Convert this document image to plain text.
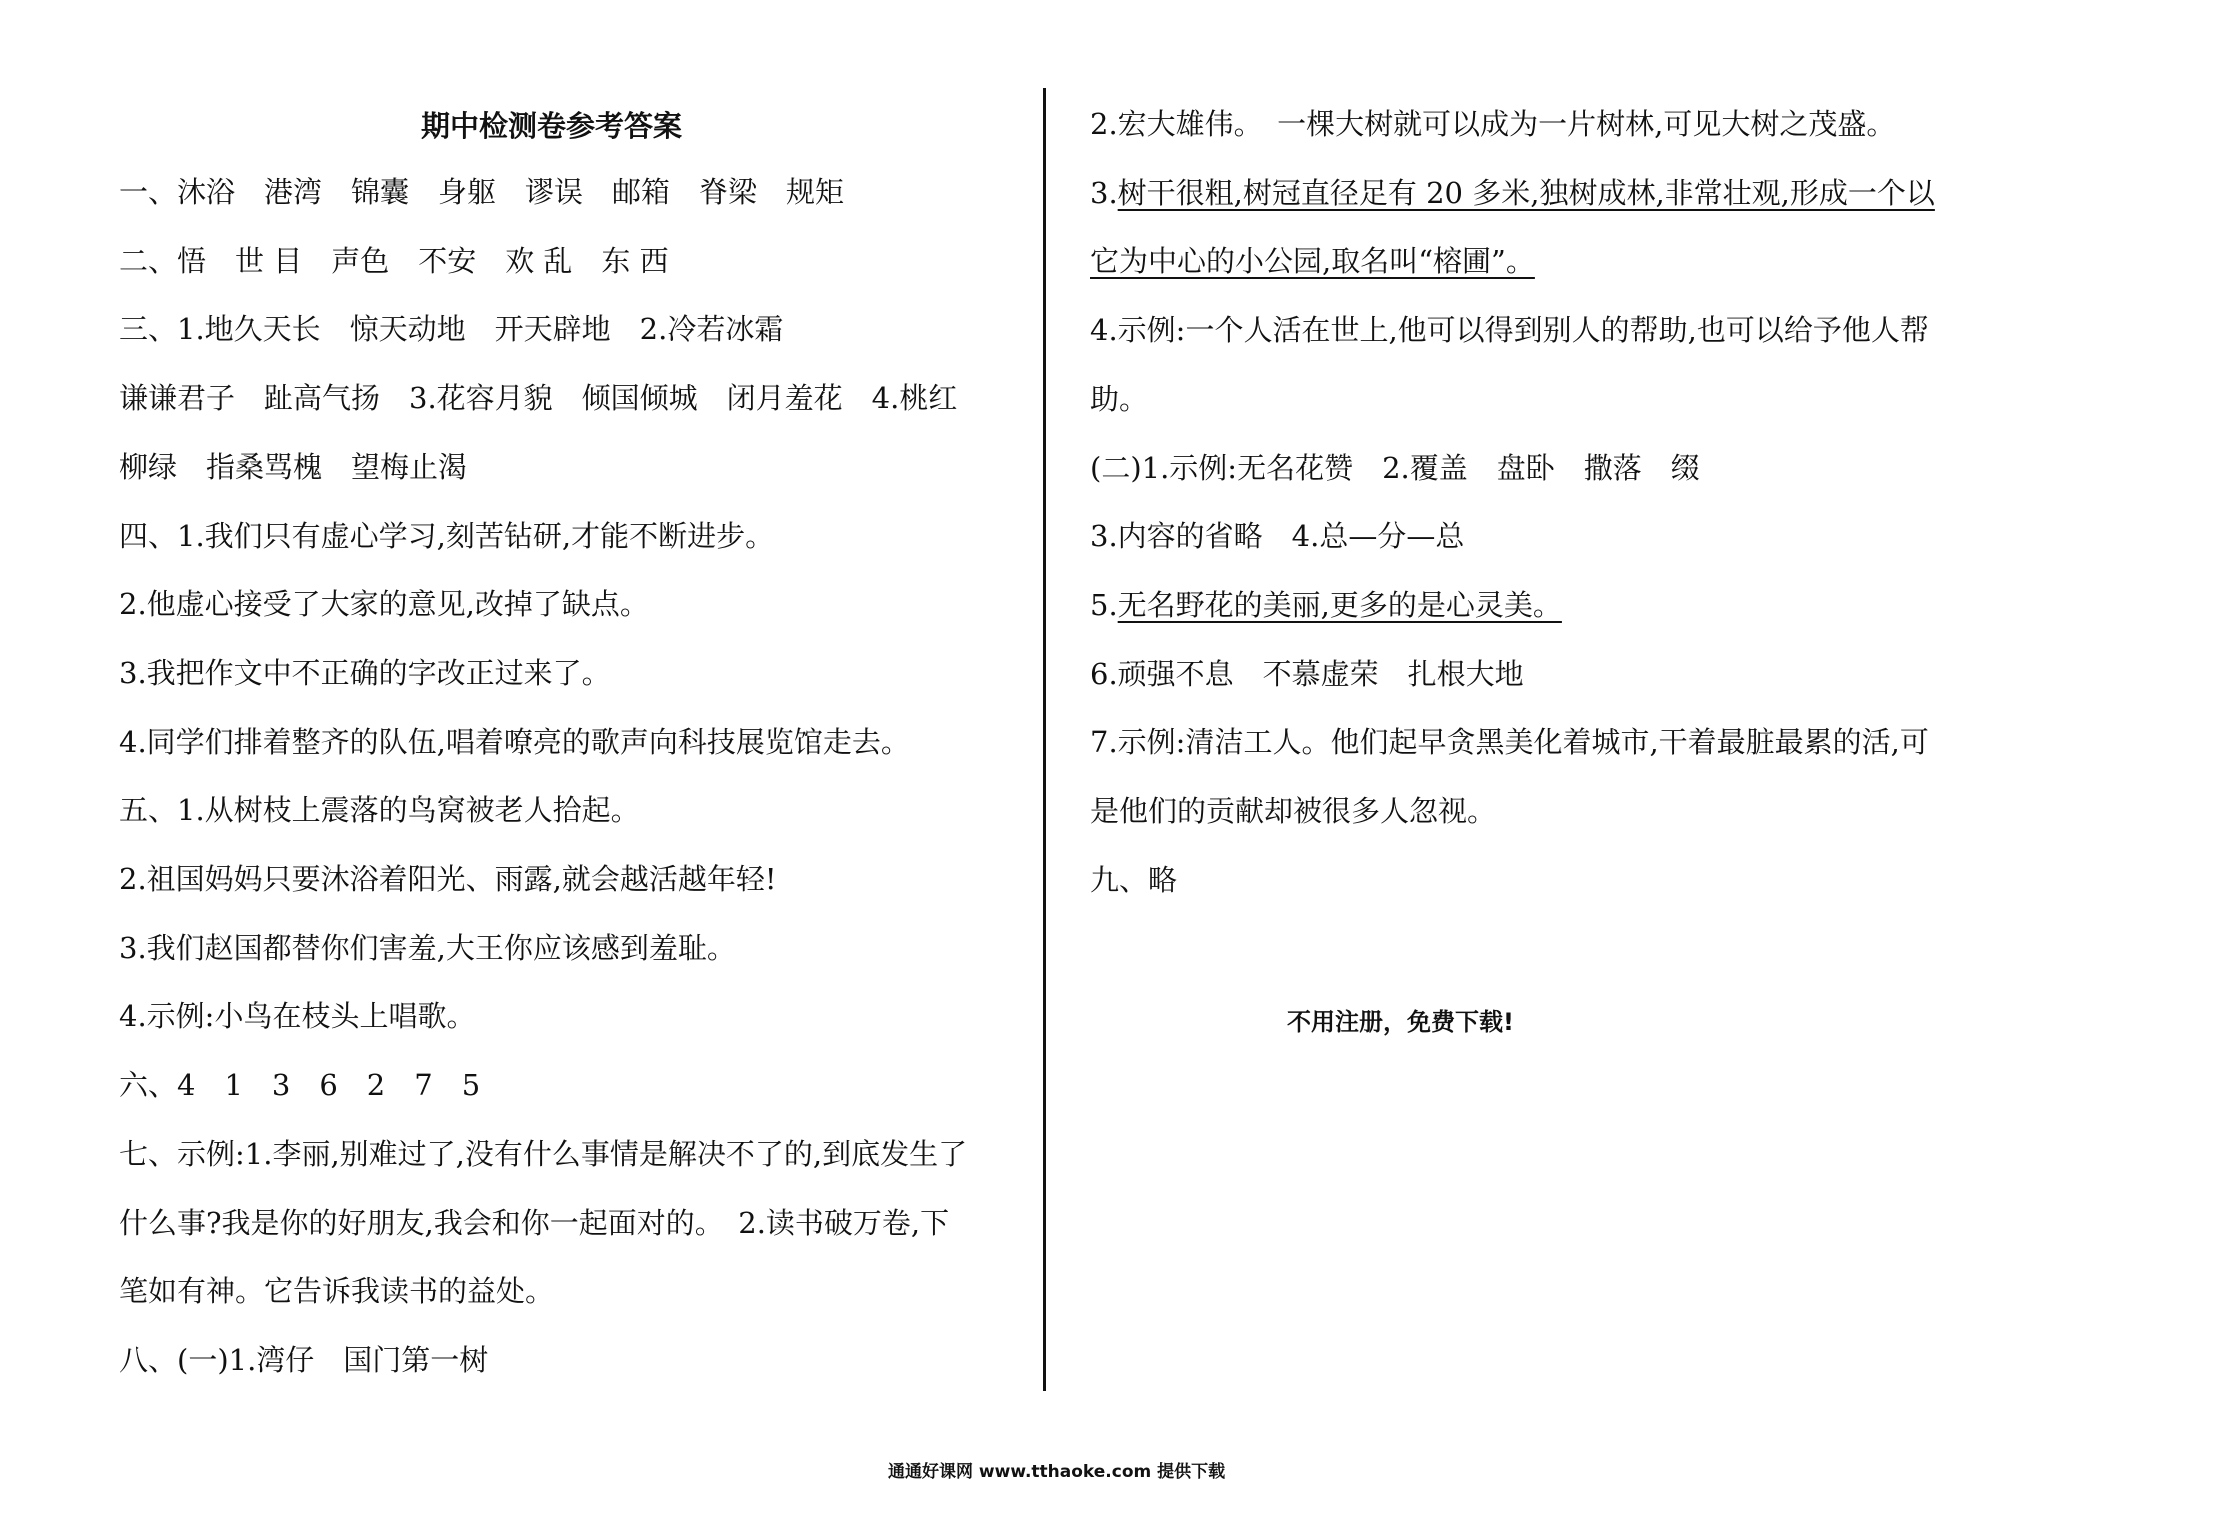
期中检测卷参考答案
一、沐浴　港湾　锦囊　身躯　谬误　邮箱　脊梁　规矩
二、悟　世 目　声色　不安　欢 乱　东 西
三、1.地久天长　惊天动地　开天辟地　2.冷若冰霜
谦谦君子　趾高气扬　3.花容月貌　倾国倾城　闭月羞花　4.桃红
柳绿　指桑骂槐　望梅止渴
四、1.我们只有虚心学习,刻苦钻研,才能不断进步。
2.他虚心接受了大家的意见,改掉了缺点。
3.我把作文中不正确的字改正过来了。
4.同学们排着整齐的队伍,唱着嘹亮的歌声向科技展览馆走去。
五、1.从树枝上震落的鸟窝被老人拾起。
2.祖国妈妈只要沐浴着阳光、雨露,就会越活越年轻!
3.我们赵国都替你们害羞,大王你应该感到羞耻。
4.示例:小鸟在枝头上唱歌。
六、4　1　3　6　2　7　5
七、示例:1.李丽,别难过了,没有什么事情是解决不了的,到底发生了
什么事?我是你的好朋友,我会和你一起面对的。　2.读书破万卷,下
笔如有神。它告诉我读书的益处。
八、(一)1.湾仔　国门第一树
2.宏大雄伟。　一棵大树就可以成为一片树林,可见大树之茂盛。
3.树干很粗,树冠直径足有 20 多米,独树成林,非常壮观,形成一个以
它为中心的小公园,取名叫“榕圃”。
4.示例:一个人活在世上,他可以得到别人的帮助,也可以给予他人帮
助。
(二)1.示例:无名花赞　2.覆盖　盘卧　撒落　缀
3.内容的省略　4.总—分—总
5.无名野花的美丽,更多的是心灵美。
6.顽强不息　不慕虚荣　扎根大地
7.示例:清洁工人。他们起早贪黑美化着城市,干着最脏最累的活,可
是他们的贡献却被很多人忽视。
九、略
不用注册，免费下载!
通通好课网 www.tthaoke.com 提供下载
